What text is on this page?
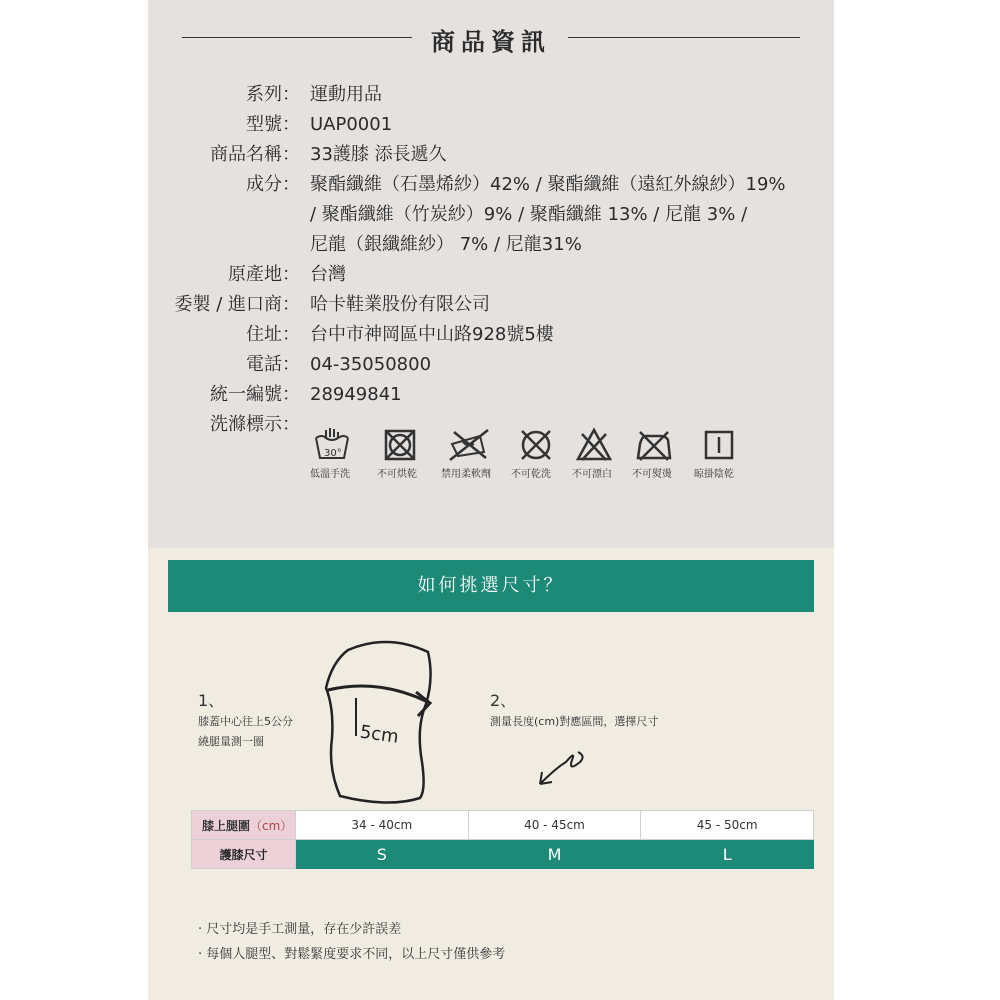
商品資訊
系列： 運動用品
型號： UAP0001
商品名稱： 33護膝 添長遞久
成分： 聚酯纖維（石墨烯紗）42% / 聚酯纖維（遠紅外線紗）19%
/ 聚酯纖維（竹炭紗）9% / 聚酯纖維 13% / 尼龍 3% /
尼龍（銀纖維紗） 7% / 尼龍31%
原產地： 台灣
委製 / 進口商： 哈卡鞋業股份有限公司
住址： 台中市神岡區中山路928號5樓
電話： 04-35050800
統一編號： 28949841
洗滌標示：
30°
低溫手洗	不可烘乾 禁用柔軟劑 不可乾洗 不可漂白 不可熨燙 晾掛陰乾
如何挑選尺寸？
1、
膝蓋中心往上5公分
繞腿量測一圈	5cm
2、
測量長度(cm)對應區間，選擇尺寸
膝上腿圍（cm）	34 - 40cm	40 - 45cm	45 - 50cm
護膝尺寸	S	M	L
· 尺寸均是手工測量，存在少許誤差
· 每個人腿型、對鬆緊度要求不同，以上尺寸僅供參考
